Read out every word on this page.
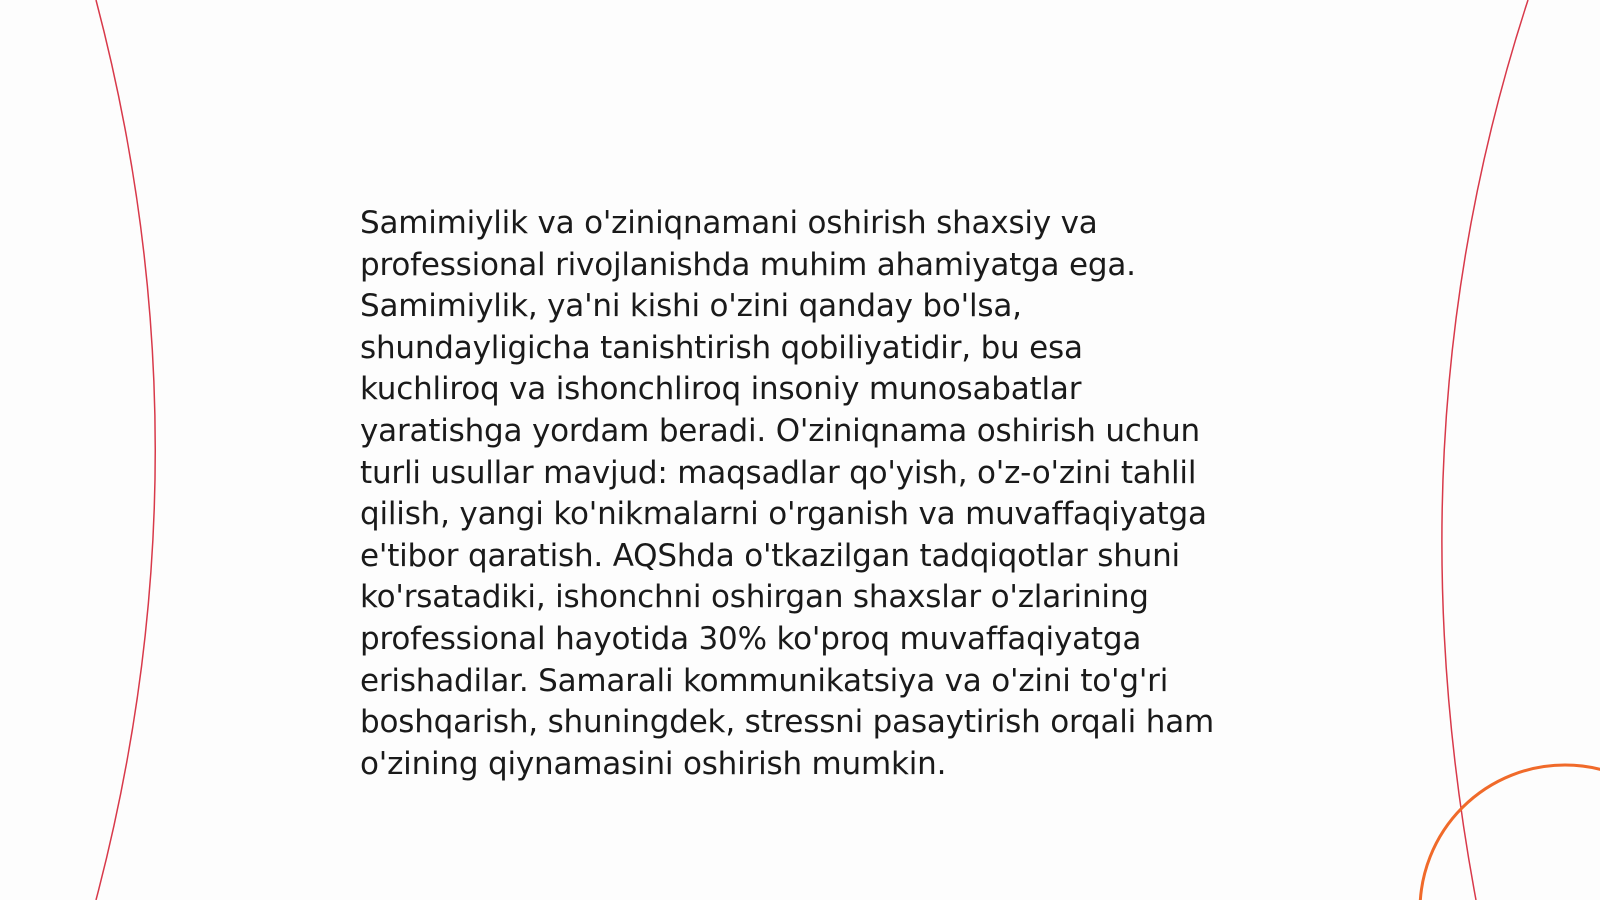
Samimiylik va o'ziniqnamani oshirish shaxsiy va professional rivojlanishda muhim ahamiyatga ega. Samimiylik, ya'ni kishi o'zini qanday bo'lsa, shundayligicha tanishtirish qobiliyatidir, bu esa kuchliroq va ishonchliroq insoniy munosabatlar yaratishga yordam beradi. O'ziniqnama oshirish uchun turli usullar mavjud: maqsadlar qo'yish, o'z-o'zini tahlil qilish, yangi ko'nikmalarni o'rganish va muvaffaqiyatga e'tibor qaratish. AQShda o'tkazilgan tadqiqotlar shuni ko'rsatadiki, ishonchni oshirgan shaxslar o'zlarining professional hayotida 30% ko'proq muvaffaqiyatga erishadilar. Samarali kommunikatsiya va o'zini to'g'ri boshqarish, shuningdek, stressni pasaytirish orqali ham o'zining qiynamasini oshirish mumkin.
